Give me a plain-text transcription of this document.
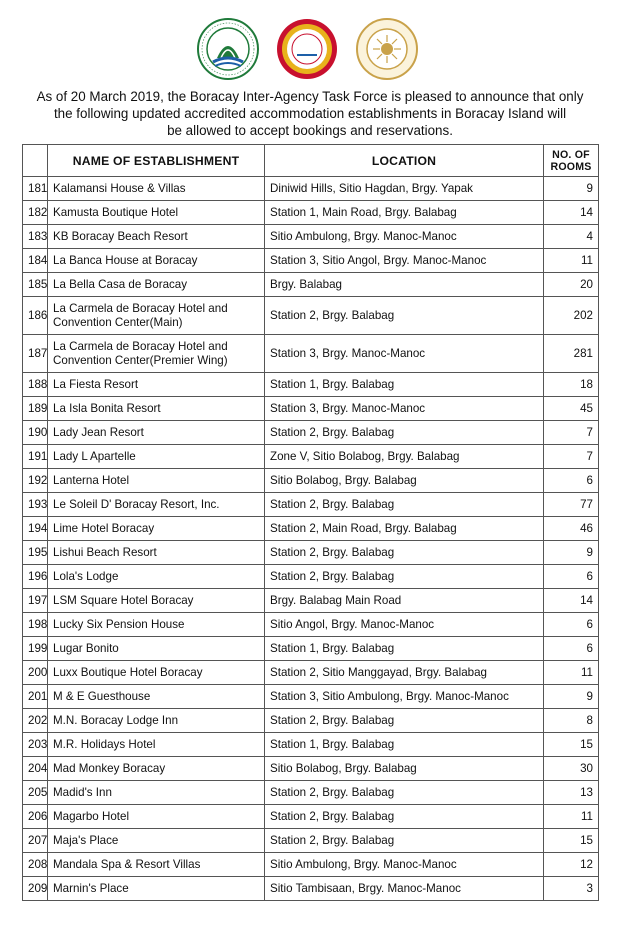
As of 20 March 2019, the Boracay Inter-Agency Task Force is pleased to announce that only
the following updated accredited accommodation establishments in Boracay Island will
be allowed to accept bookings and reservations.
	NAME OF ESTABLISHMENT	LOCATION	NO. OF
ROOMS

181	Kalamansi House & Villas	Diniwid Hills, Sitio Hagdan, Brgy. Yapak	9
182	Kamusta Boutique Hotel	Station 1, Main Road, Brgy. Balabag	14
183	KB Boracay Beach Resort	Sitio Ambulong, Brgy. Manoc-Manoc	4
184	La Banca House at Boracay	Station 3, Sitio Angol, Brgy. Manoc-Manoc	11
185	La Bella Casa de Boracay	Brgy. Balabag	20
186	La Carmela de Boracay Hotel and
Convention Center(Main)	Station 2, Brgy. Balabag	202
187	La Carmela de Boracay Hotel and
Convention Center(Premier Wing)	Station 3, Brgy. Manoc-Manoc	281
188	La Fiesta Resort	Station 1, Brgy. Balabag	18
189	La Isla Bonita Resort	Station 3, Brgy. Manoc-Manoc	45
190	Lady Jean Resort	Station 2, Brgy. Balabag	7
191	Lady L Apartelle	Zone V, Sitio Bolabog, Brgy. Balabag	7
192	Lanterna Hotel	Sitio Bolabog, Brgy. Balabag	6
193	Le Soleil D' Boracay Resort, Inc.	Station 2, Brgy. Balabag	77
194	Lime Hotel Boracay	Station 2, Main Road, Brgy. Balabag	46
195	Lishui Beach Resort	Station 2, Brgy. Balabag	9
196	Lola's Lodge	Station 2, Brgy. Balabag	6
197	LSM Square Hotel Boracay	Brgy. Balabag Main Road	14
198	Lucky Six Pension House	Sitio Angol, Brgy. Manoc-Manoc	6
199	Lugar Bonito	Station 1, Brgy. Balabag	6
200	Luxx Boutique Hotel Boracay	Station 2, Sitio Manggayad, Brgy. Balabag	11
201	M & E Guesthouse	Station 3, Sitio Ambulong, Brgy. Manoc-Manoc	9
202	M.N. Boracay Lodge Inn	Station 2, Brgy. Balabag	8
203	M.R. Holidays Hotel	Station 1, Brgy. Balabag	15
204	Mad Monkey Boracay	Sitio Bolabog, Brgy. Balabag	30
205	Madid's Inn	Station 2, Brgy. Balabag	13
206	Magarbo Hotel	Station 2, Brgy. Balabag	11
207	Maja's Place	Station 2, Brgy. Balabag	15
208	Mandala Spa & Resort Villas	Sitio Ambulong, Brgy. Manoc-Manoc	12
209	Marnin's Place	Sitio Tambisaan, Brgy. Manoc-Manoc	3
